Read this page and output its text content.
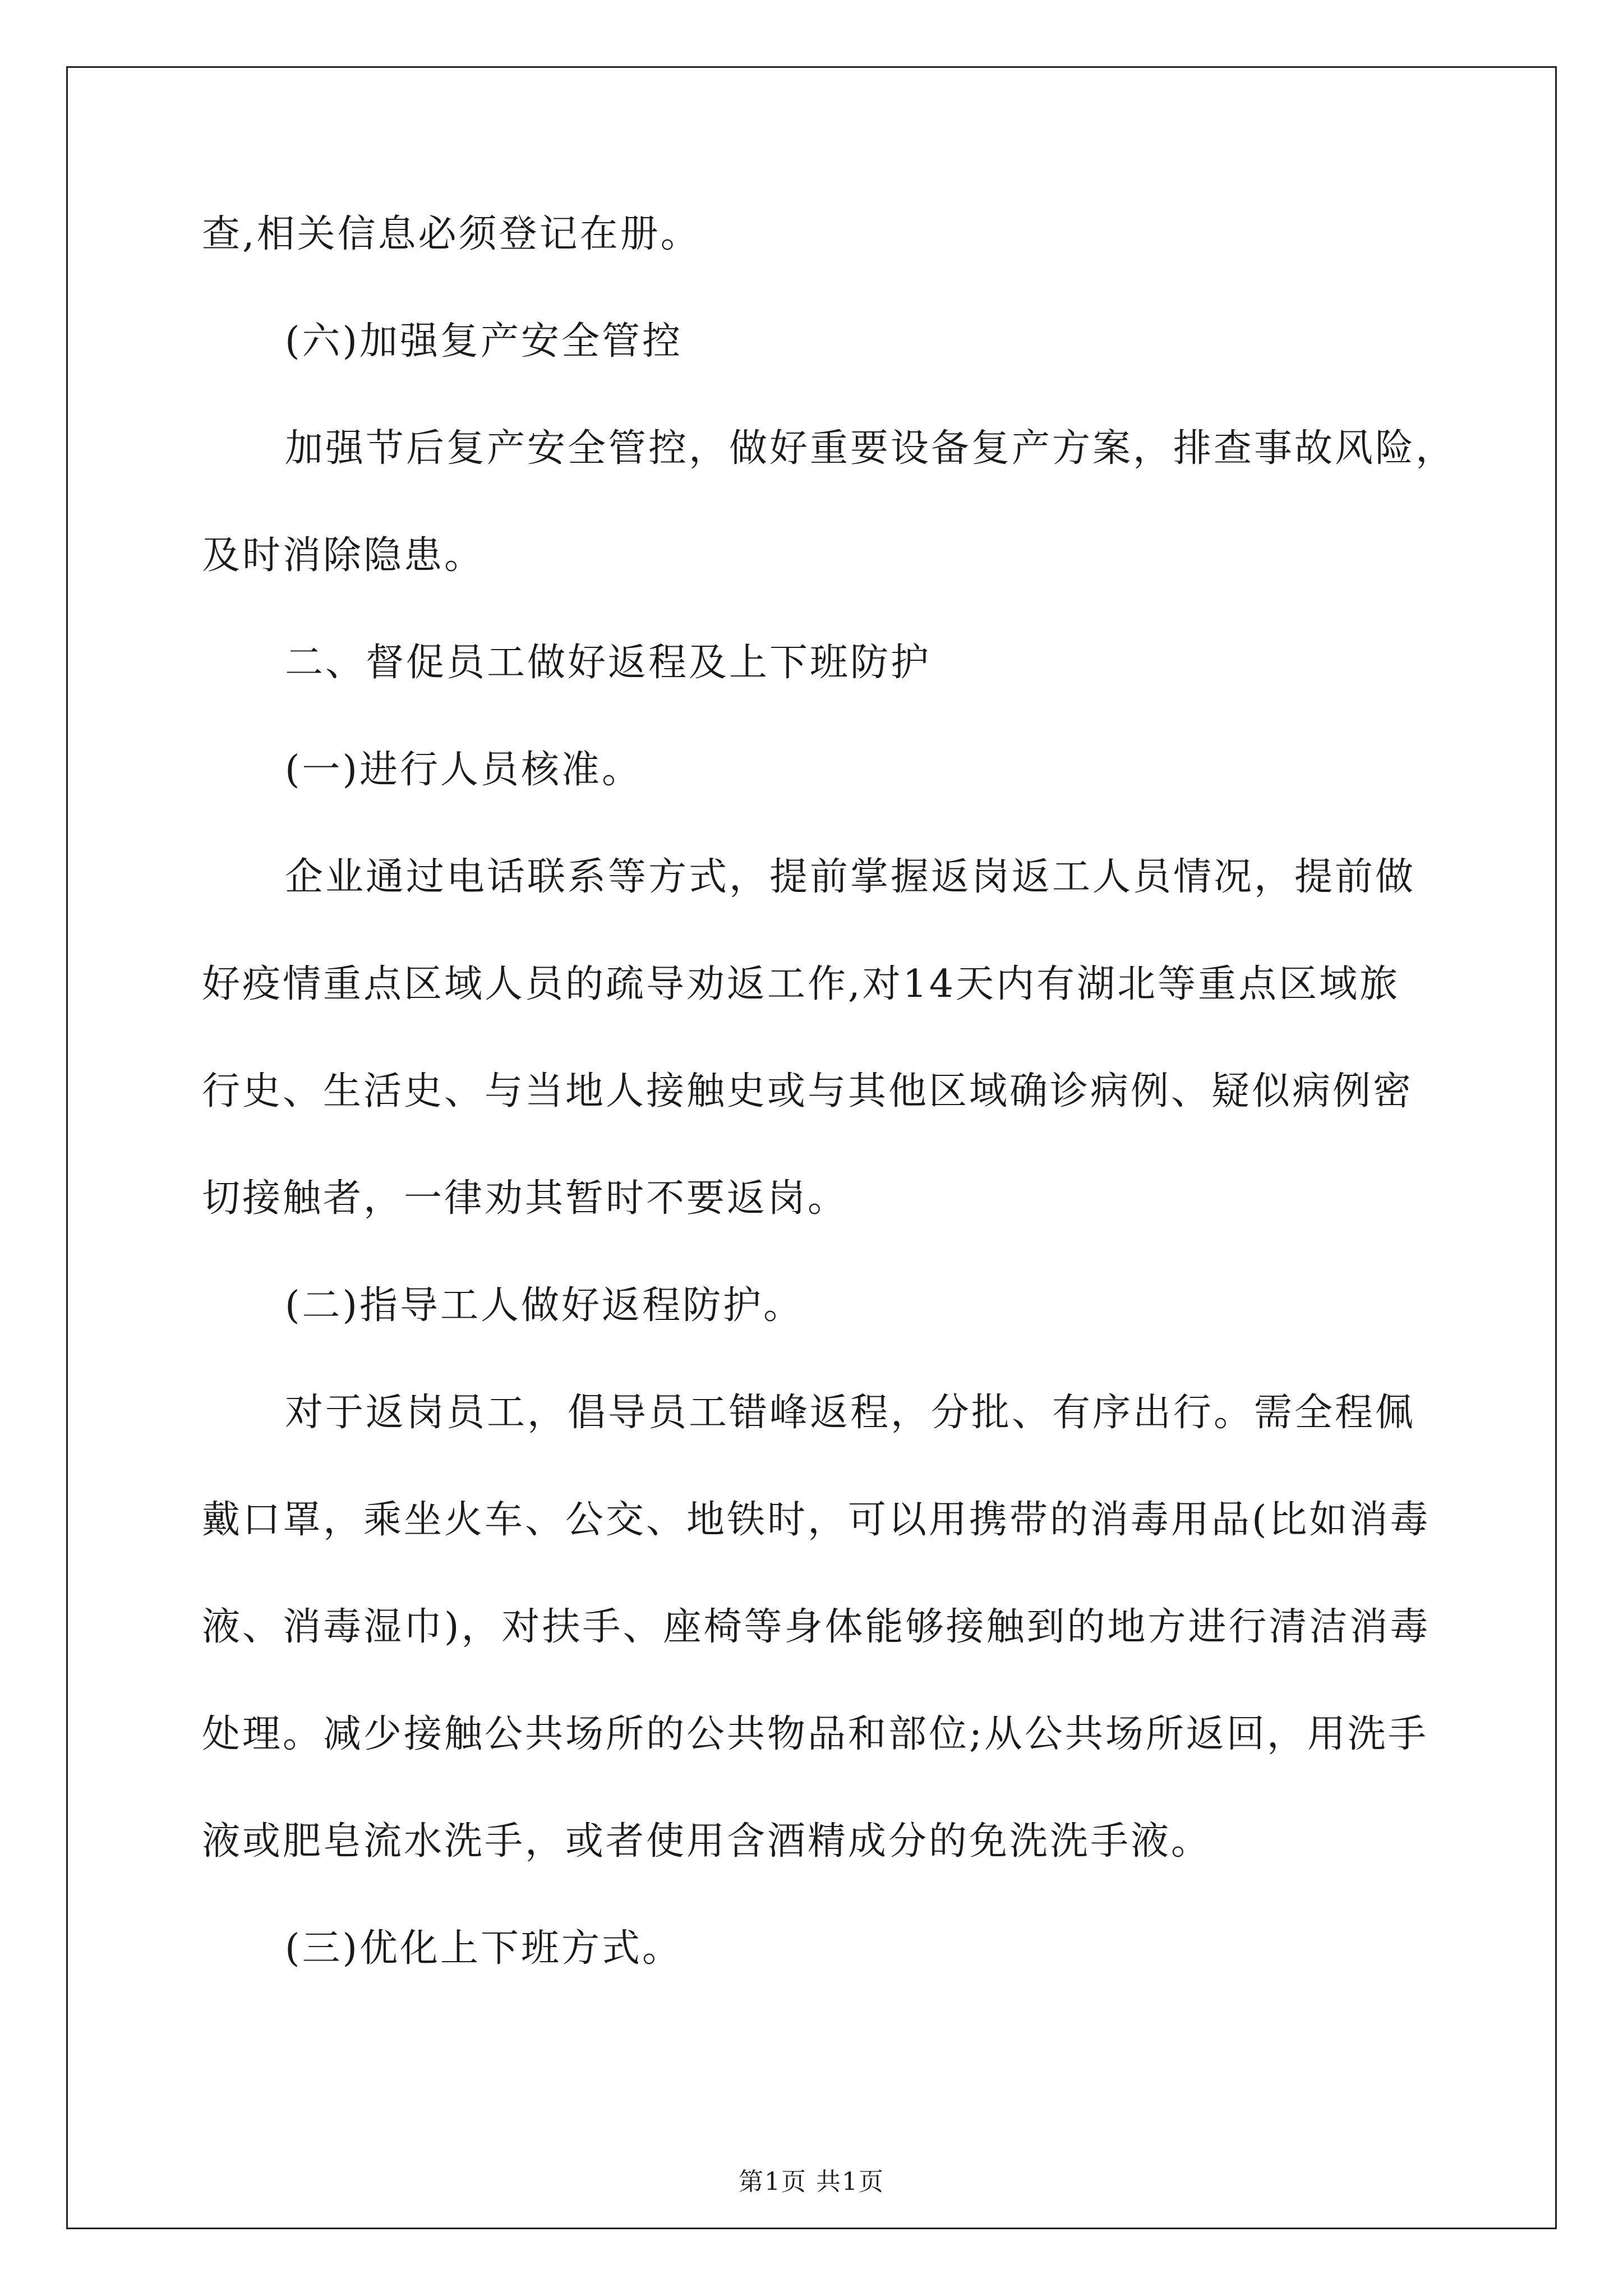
查,相关信息必须登记在册。
(六)加强复产安全管控
加强节后复产安全管控，做好重要设备复产方案，排查事故风险，
及时消除隐患。
二、督促员工做好返程及上下班防护
(一)进行人员核准。
企业通过电话联系等方式，提前掌握返岗返工人员情况，提前做
好疫情重点区域人员的疏导劝返工作,对14天内有湖北等重点区域旅
行史、生活史、与当地人接触史或与其他区域确诊病例、疑似病例密
切接触者，一律劝其暂时不要返岗。
(二)指导工人做好返程防护。
对于返岗员工，倡导员工错峰返程，分批、有序出行。需全程佩
戴口罩，乘坐火车、公交、地铁时，可以用携带的消毒用品(比如消毒
液、消毒湿巾)，对扶手、座椅等身体能够接触到的地方进行清洁消毒
处理。减少接触公共场所的公共物品和部位;从公共场所返回，用洗手
液或肥皂流水洗手，或者使用含酒精成分的免洗洗手液。
(三)优化上下班方式。
第1页 共1页
